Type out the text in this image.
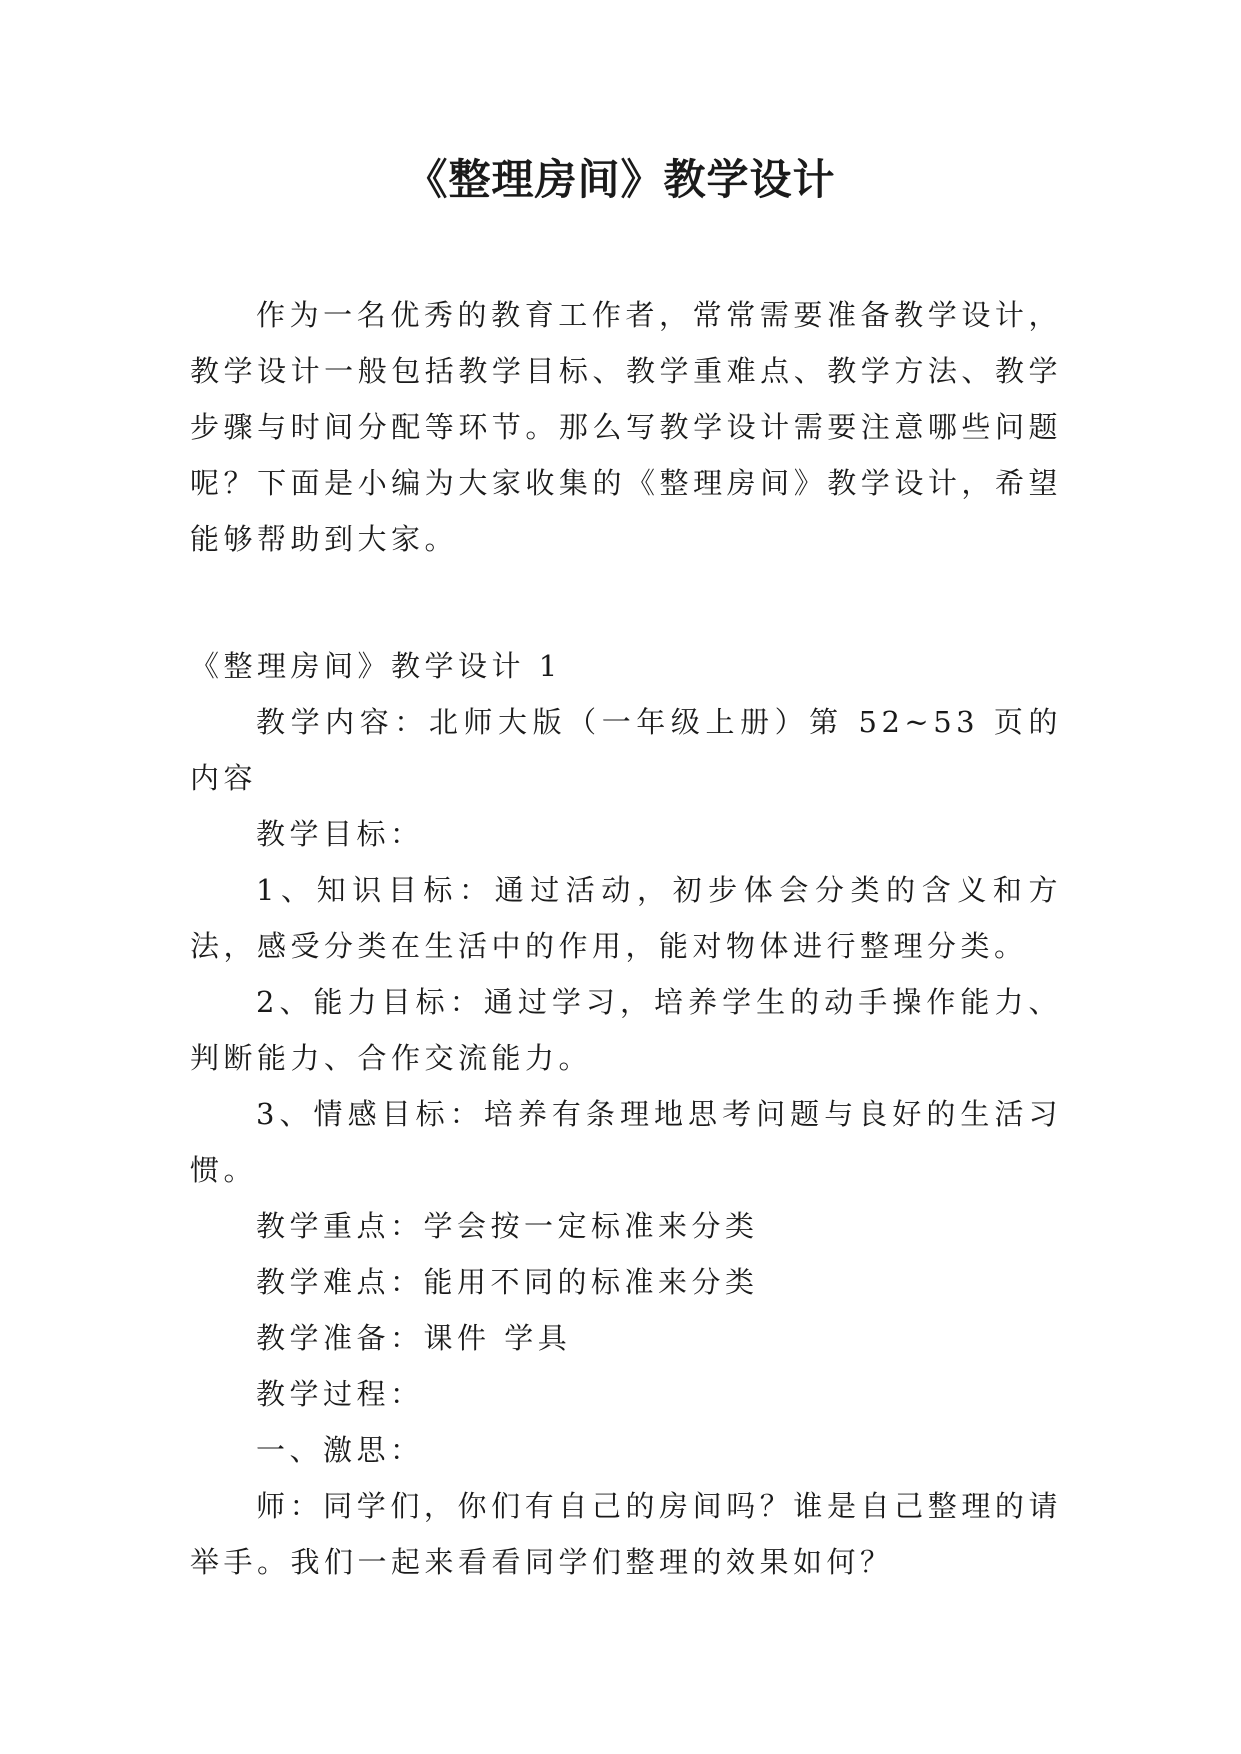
《整理房间》教学设计

作为一名优秀的教育工作者，常常需要准备教学设计，教学设计一般包括教学目标、教学重难点、教学方法、教学步骤与时间分配等环节。那么写教学设计需要注意哪些问题呢？下面是小编为大家收集的《整理房间》教学设计，希望能够帮助到大家。

《整理房间》教学设计 1

教学内容：北师大版（一年级上册）第 52~53 页的内容

教学目标：

1、知识目标：通过活动，初步体会分类的含义和方法，感受分类在生活中的作用，能对物体进行整理分类。

2、能力目标：通过学习，培养学生的动手操作能力、判断能力、合作交流能力。

3、情感目标：培养有条理地思考问题与良好的生活习惯。

教学重点：学会按一定标准来分类

教学难点：能用不同的标准来分类

教学准备：课件 学具

教学过程：

一、激思：

师：同学们，你们有自己的房间吗？谁是自己整理的请举手。我们一起来看看同学们整理的效果如何？
